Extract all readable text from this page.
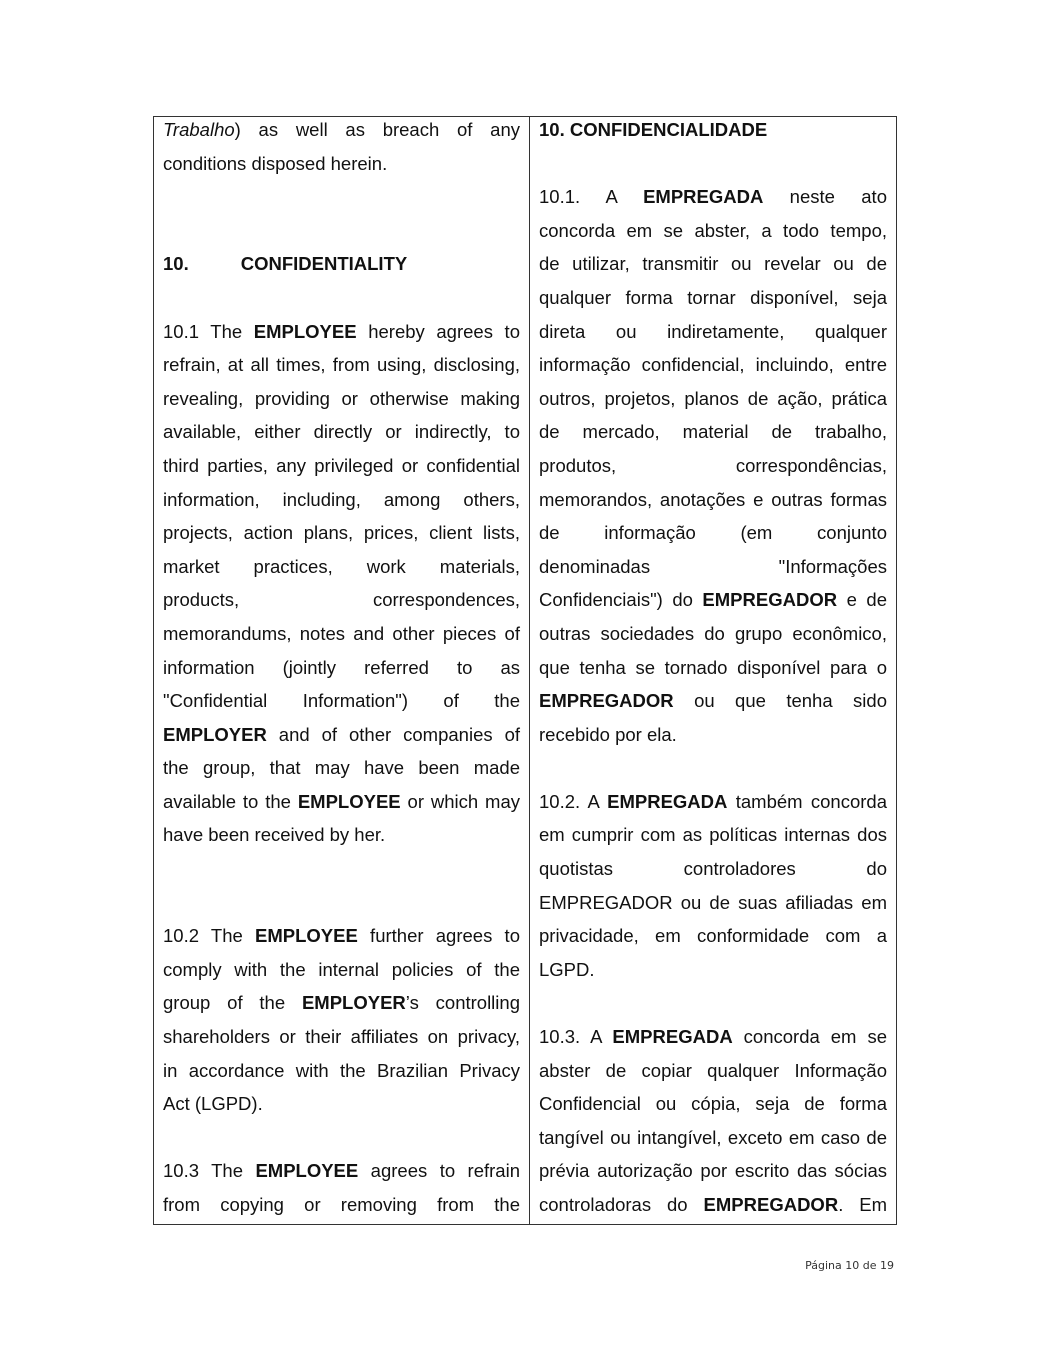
Trabalho) as well as breach of any
conditions disposed herein.
10.	CONFIDENTIALITY
10.1 The EMPLOYEE hereby agrees to
refrain, at all times, from using, disclosing,
revealing, providing or otherwise making
available, either directly or indirectly, to
third parties, any privileged or confidential
information, including, among others,
projects, action plans, prices, client lists,
market practices, work materials,
products, correspondences,
memorandums, notes and other pieces of
information (jointly referred to as
"Confidential Information") of the
EMPLOYER and of other companies of
the group, that may have been made
available to the EMPLOYEE or which may
have been received by her.
10.2 The EMPLOYEE further agrees to
comply with the internal policies of the
group of the EMPLOYER’s controlling
shareholders or their affiliates on privacy,
in accordance with the Brazilian Privacy
Act (LGPD).
10.3 The EMPLOYEE agrees to refrain
from copying or removing from the
10. CONFIDENCIALIDADE
10.1. A EMPREGADA neste ato
concorda em se abster, a todo tempo,
de utilizar, transmitir ou revelar ou de
qualquer forma tornar disponível, seja
direta ou indiretamente, qualquer
informação confidencial, incluindo, entre
outros, projetos, planos de ação, prática
de mercado, material de trabalho,
produtos, correspondências,
memorandos, anotações e outras formas
de informação (em conjunto
denominadas "Informações
Confidenciais") do EMPREGADOR e de
outras sociedades do grupo econômico,
que tenha se tornado disponível para o
EMPREGADOR ou que tenha sido
recebido por ela.
10.2. A EMPREGADA também concorda
em cumprir com as políticas internas dos
quotistas controladores do
EMPREGADOR ou de suas afiliadas em
privacidade, em conformidade com a
LGPD.
10.3. A EMPREGADA concorda em se
abster de copiar qualquer Informação
Confidencial ou cópia, seja de forma
tangível ou intangível, exceto em caso de
prévia autorização por escrito das sócias
controladoras do EMPREGADOR. Em
Página 10 de 19
